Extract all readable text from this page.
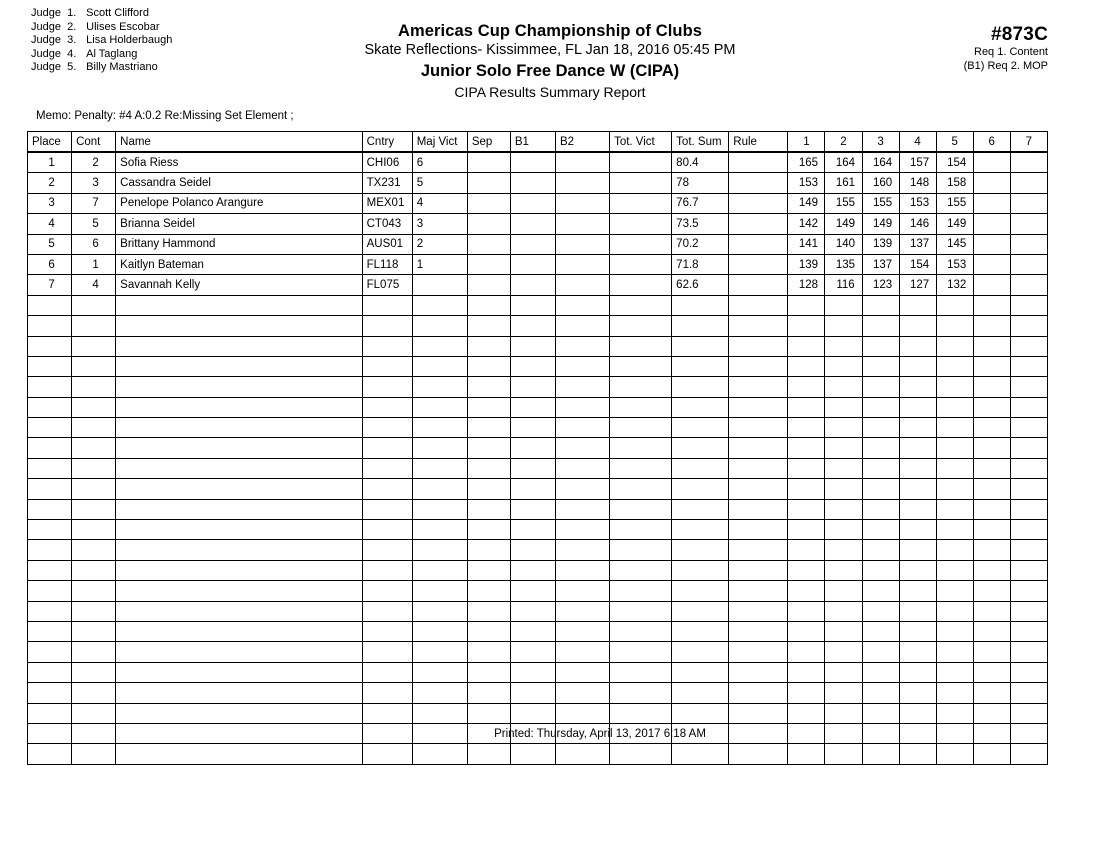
Judge 1. Scott Clifford
Judge 2. Ulises Escobar
Judge 3. Lisa Holderbaugh
Judge 4. Al Taglang
Judge 5. Billy Mastriano
Americas Cup Championship of Clubs
Skate Reflections- Kissimmee, FL Jan 18, 2016 05:45 PM
Junior Solo Free Dance W (CIPA)
CIPA Results Summary Report
#873C
Req 1. Content
(B1) Req 2. MOP
Memo: Penalty: #4 A:0.2 Re:Missing Set Element ;
Place	Cont	Name	Cntry	Maj Vict	Sep	B1	B2	Tot. Vict	Tot. Sum	Rule	1	2	3	4	5	6	7
1	2	Sofia Riess	CHI06	6					80.4		165	164	164	157	154		
2	3	Cassandra Seidel	TX231	5					78		153	161	160	148	158		
3	7	Penelope Polanco Arangure	MEX01	4					76.7		149	155	155	153	155		
4	5	Brianna Seidel	CT043	3					73.5		142	149	149	146	149		
5	6	Brittany Hammond	AUS01	2					70.2		141	140	139	137	145		
6	1	Kaitlyn Bateman	FL118	1					71.8		139	135	137	154	153		
7	4	Savannah Kelly	FL075						62.6		128	116	123	127	132		

Printed: Thursday, April 13, 2017 6:18 AM
